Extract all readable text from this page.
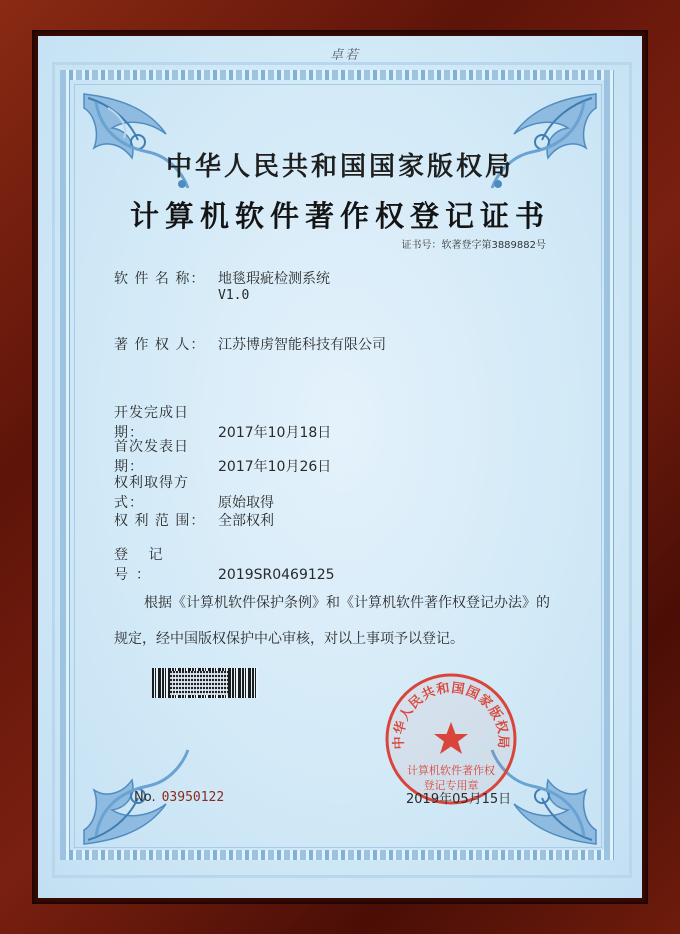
卓若
中华人民共和国国家版权局
计算机软件著作权登记证书
证书号：软著登字第3889882号
软 件 名 称： 地毯瑕疵检测系统
V1.0
著 作 权 人： 江苏博虏智能科技有限公司
开发完成日期：	2017年10月18日
首次发表日期：	2017年10月26日
权利取得方式：	原始取得
权 利 范 围： 全部权利
登 记 号：	2019SR0469125
根据《计算机软件保护条例》和《计算机软件著作权登记办法》的
规定，经中国版权保护中心审核，对以上事项予以登记。
中华人民共和国国家版权局
计算机软件著作权
登记专用章
No. 03950122	2019年05月15日
